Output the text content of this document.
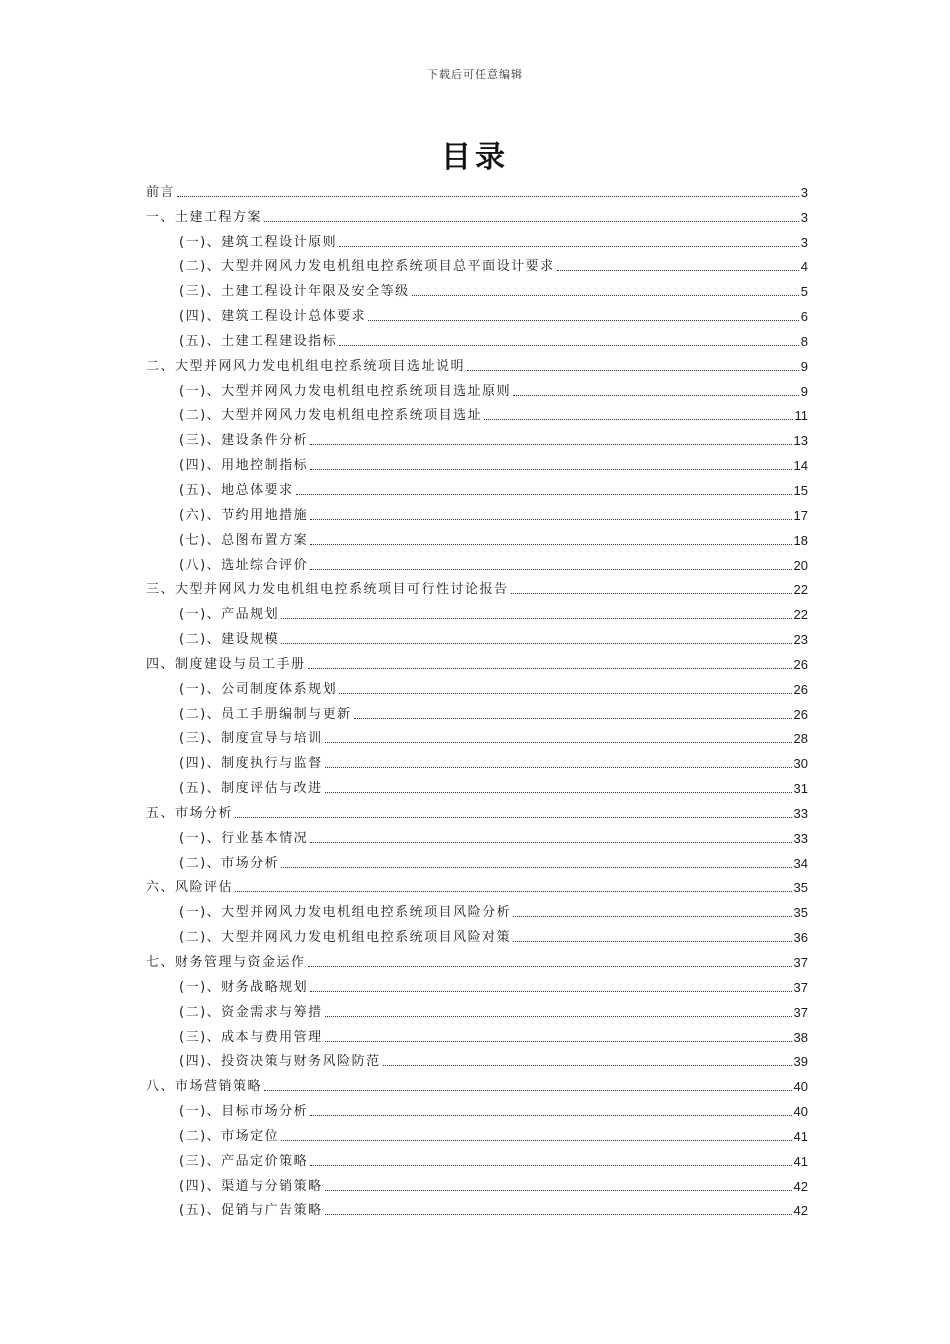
下载后可任意编辑
目录
前言	3
一、土建工程方案	3
(一)、建筑工程设计原则	3
(二)、大型并网风力发电机组电控系统项目总平面设计要求	4
(三)、土建工程设计年限及安全等级	5
(四)、建筑工程设计总体要求	6
(五)、土建工程建设指标	8
二、大型并网风力发电机组电控系统项目选址说明	9
(一)、大型并网风力发电机组电控系统项目选址原则	9
(二)、大型并网风力发电机组电控系统项目选址	11
(三)、建设条件分析	13
(四)、用地控制指标	14
(五)、地总体要求	15
(六)、节约用地措施	17
(七)、总图布置方案	18
(八)、选址综合评价	20
三、大型并网风力发电机组电控系统项目可行性讨论报告	22
(一)、产品规划	22
(二)、建设规模	23
四、制度建设与员工手册	26
(一)、公司制度体系规划	26
(二)、员工手册编制与更新	26
(三)、制度宣导与培训	28
(四)、制度执行与监督	30
(五)、制度评估与改进	31
五、市场分析	33
(一)、行业基本情况	33
(二)、市场分析	34
六、风险评估	35
(一)、大型并网风力发电机组电控系统项目风险分析	35
(二)、大型并网风力发电机组电控系统项目风险对策	36
七、财务管理与资金运作	37
(一)、财务战略规划	37
(二)、资金需求与筹措	37
(三)、成本与费用管理	38
(四)、投资决策与财务风险防范	39
八、市场营销策略	40
(一)、目标市场分析	40
(二)、市场定位	41
(三)、产品定价策略	41
(四)、渠道与分销策略	42
(五)、促销与广告策略	42
